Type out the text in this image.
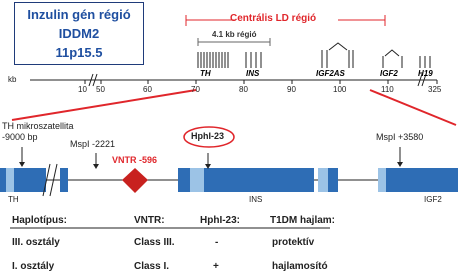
Inzulin gén régió
IDDM2
11p15.5
Centrális LD régió
4.1 kb régió
kb
10 50	60	70	80	90	100	110	325
TH	INS	IGF2AS	IGF2	H19
TH mikroszatellita
-9000 bp
MspI -2221
VNTR -596
HphI-23	MspI +3580
TH	INS	IGF2
Haplotípus:	VNTR:	HphI-23:	T1DM hajlam:
III. osztály	Class III.	-	protektív
I. osztály	Class I.	+	hajlamosító
